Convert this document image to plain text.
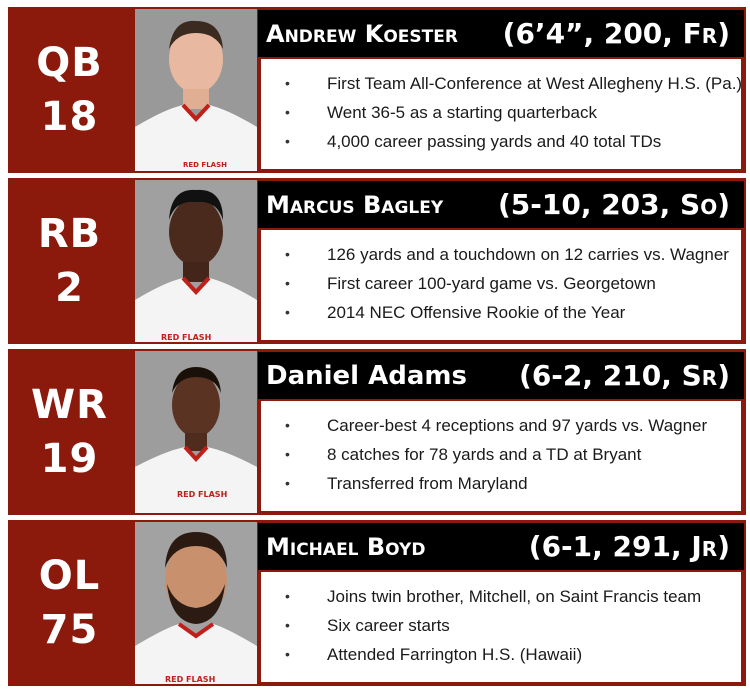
QB
18
RED FLASH
Andrew Koester (6’4”, 200, Fr)
• First Team All-Conference at West Allegheny H.S. (Pa.)
• Went 36-5 as a starting quarterback
• 4,000 career passing yards and 40 total TDs
RB
2
RED FLASH
Marcus Bagley (5-10, 203, So)
• 126 yards and a touchdown on 12 carries vs. Wagner
• First career 100-yard game vs. Georgetown
• 2014 NEC Offensive Rookie of the Year
WR
19
RED FLASH
Daniel Adams (6-2, 210, Sr)
• Career-best 4 receptions and 97 yards vs. Wagner
• 8 catches for 78 yards and a TD at Bryant
• Transferred from Maryland
OL
75
RED FLASH
Michael Boyd	(6-1, 291, Jr)
• Joins twin brother, Mitchell, on Saint Francis team
• Six career starts
• Attended Farrington H.S. (Hawaii)
